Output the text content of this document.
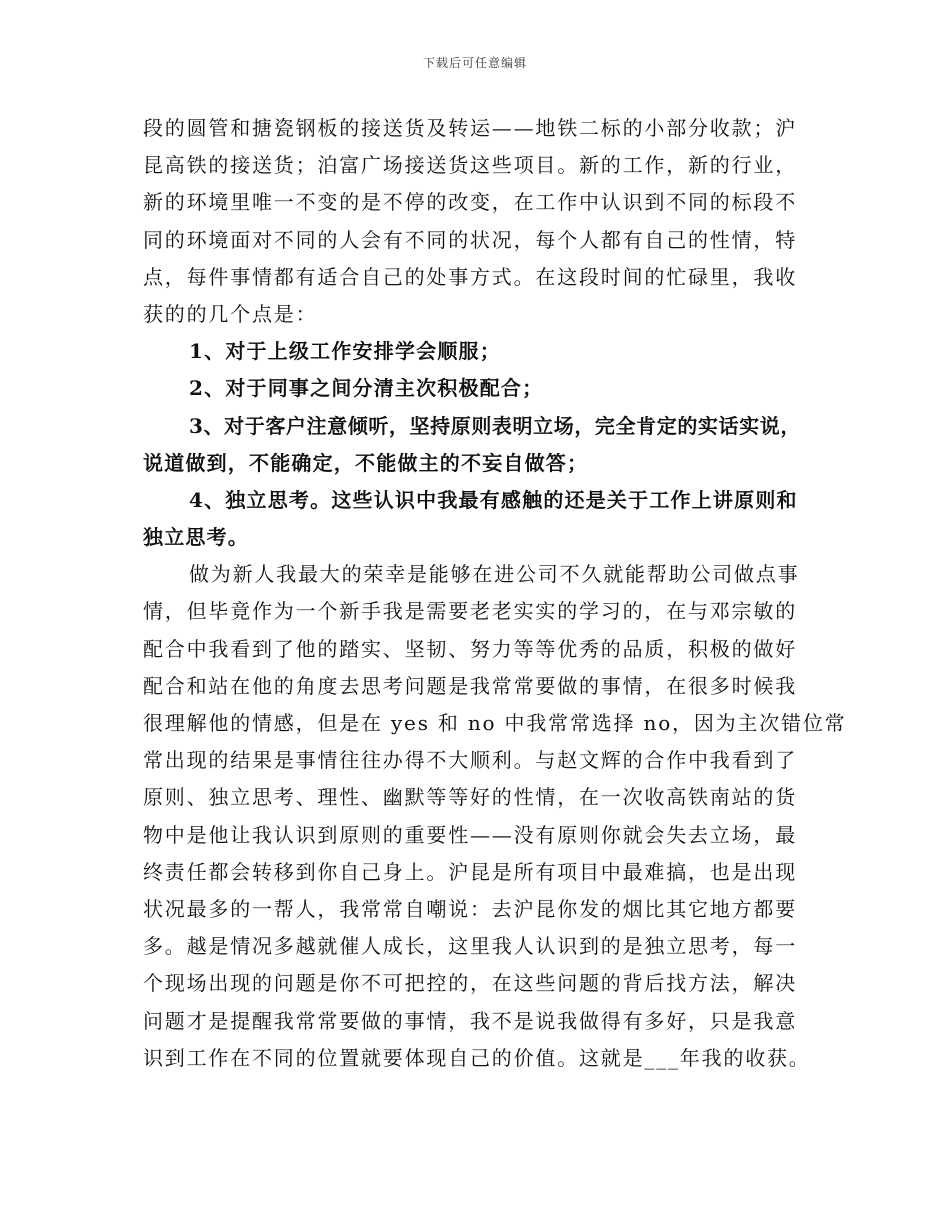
下载后可任意编辑
段的圆管和搪瓷钢板的接送货及转运——地铁二标的小部分收款；沪
昆高铁的接送货；泊富广场接送货这些项目。新的工作，新的行业，
新的环境里唯一不变的是不停的改变，在工作中认识到不同的标段不
同的环境面对不同的人会有不同的状况，每个人都有自己的性情，特
点，每件事情都有适合自己的处事方式。在这段时间的忙碌里，我收
获的的几个点是：
1、对于上级工作安排学会顺服；
2、对于同事之间分清主次积极配合；
3、对于客户注意倾听，坚持原则表明立场，完全肯定的实话实说，
说道做到，不能确定，不能做主的不妄自做答；
4、独立思考。这些认识中我最有感触的还是关于工作上讲原则和
独立思考。
做为新人我最大的荣幸是能够在进公司不久就能帮助公司做点事
情，但毕竟作为一个新手我是需要老老实实的学习的，在与邓宗敏的
配合中我看到了他的踏实、坚韧、努力等等优秀的品质，积极的做好
配合和站在他的角度去思考问题是我常常要做的事情，在很多时候我
很理解他的情感，但是在 yes 和 no 中我常常选择 no，因为主次错位常
常出现的结果是事情往往办得不大顺利。与赵文辉的合作中我看到了
原则、独立思考、理性、幽默等等好的性情，在一次收高铁南站的货
物中是他让我认识到原则的重要性——没有原则你就会失去立场，最
终责任都会转移到你自己身上。沪昆是所有项目中最难搞，也是出现
状况最多的一帮人，我常常自嘲说：去沪昆你发的烟比其它地方都要
多。越是情况多越就催人成长，这里我人认识到的是独立思考，每一
个现场出现的问题是你不可把控的，在这些问题的背后找方法，解决
问题才是提醒我常常要做的事情，我不是说我做得有多好，只是我意
识到工作在不同的位置就要体现自己的价值。这就是___年我的收获。
